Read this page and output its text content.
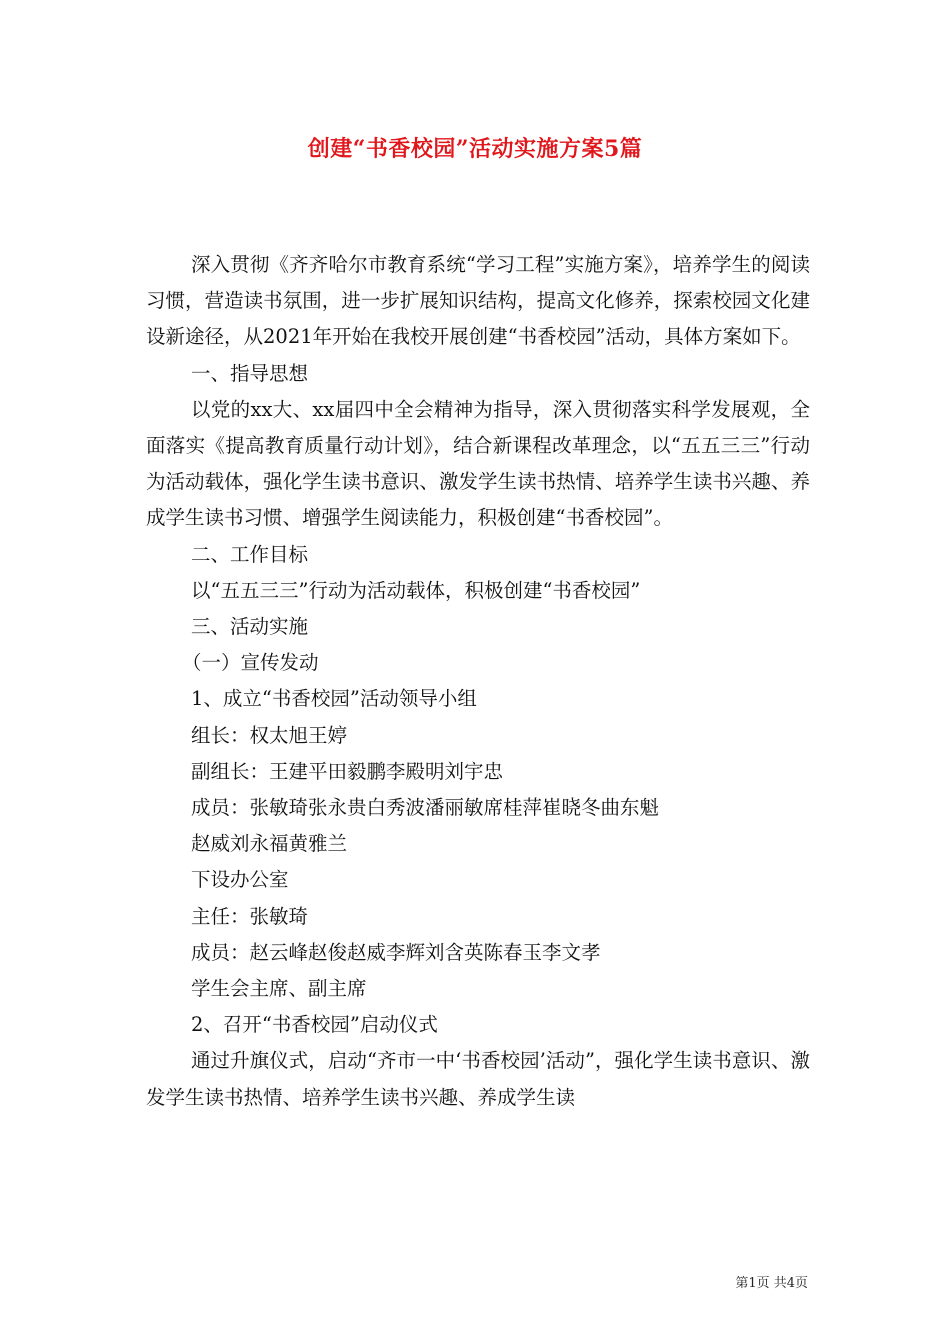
创建“书香校园”活动实施方案5篇

深入贯彻《齐齐哈尔市教育系统“学习工程”实施方案》，培养学生的阅读习惯，营造读书氛围，进一步扩展知识结构，提高文化修养，探索校园文化建设新途径，从2021年开始在我校开展创建“书香校园”活动，具体方案如下。

一、指导思想

以党的xx大、xx届四中全会精神为指导，深入贯彻落实科学发展观，全面落实《提高教育质量行动计划》，结合新课程改革理念，以“五五三三”行动为活动载体，强化学生读书意识、激发学生读书热情、培养学生读书兴趣、养成学生读书习惯、增强学生阅读能力，积极创建“书香校园”。

二、工作目标

以“五五三三”行动为活动载体，积极创建“书香校园”

三、活动实施

（一）宣传发动

1、成立“书香校园”活动领导小组

组长：权太旭王婷

副组长：王建平田毅鹏李殿明刘宇忠

成员：张敏琦张永贵白秀波潘丽敏席桂萍崔晓冬曲东魁

赵威刘永福黄雅兰

下设办公室

主任：张敏琦

成员：赵云峰赵俊赵威李辉刘含英陈春玉李文孝

学生会主席、副主席

2、召开“书香校园”启动仪式

通过升旗仪式，启动“齐市一中‘书香校园’活动”，强化学生读书意识、激发学生读书热情、培养学生读书兴趣、养成学生读

第1页 共4页
